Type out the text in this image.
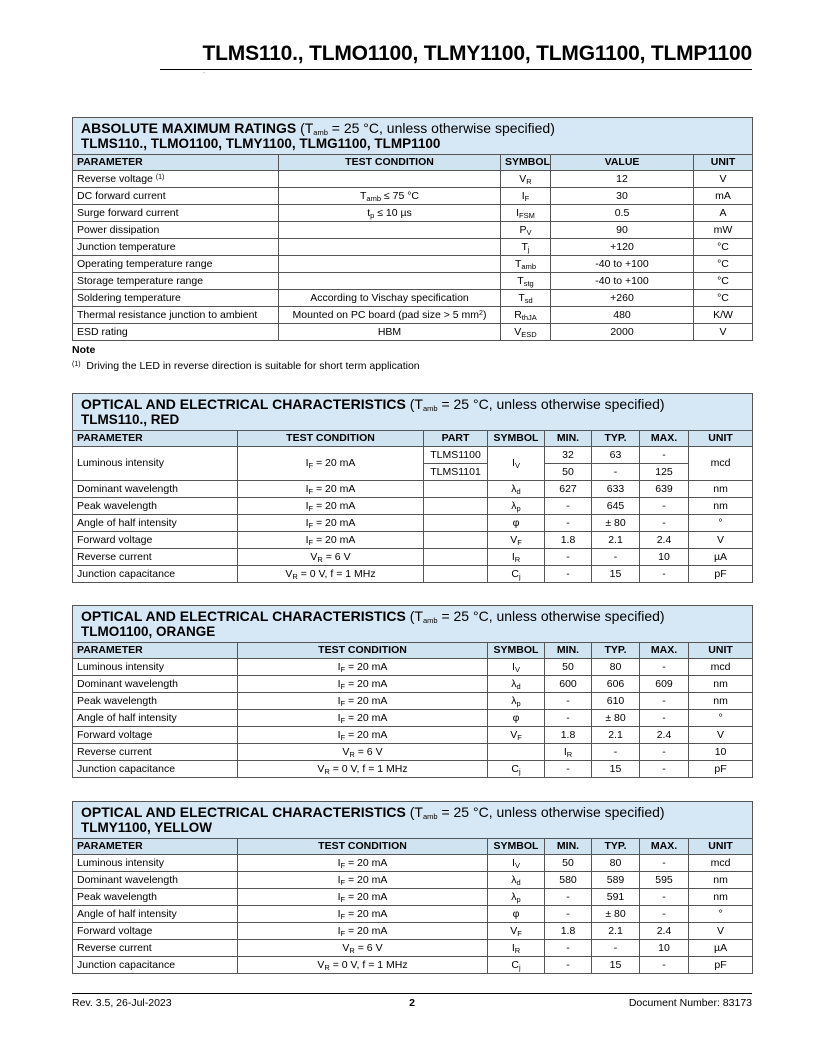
TLMS110., TLMO1100, TLMY1100, TLMG1100, TLMP1100
′′
ABSOLUTE MAXIMUM RATINGS ($T_{amb} = 25$ °C, unless otherwise specified)
TLMS110., TLMO1100, TLMY1100, TLMG1100, TLMP1100				

PARAMETER	TEST CONDITION	SYMBOL	VALUE	UNIT
Reverse voltage $^{(1)}$		$V_R$	12	V
DC forward current	$T_{amb} \le 75$ °C	$I_F$	30	mA
Surge forward current	$t_p \le 10$ µs	$I_{FSM}$	0.5	A
Power dissipation		$P_V$	90	mW
Junction temperature		$T_j$	+120	°C
Operating temperature range		$T_{amb}$	-40 to +100	°C
Storage temperature range		$T_{stg}$	-40 to +100	°C
Soldering temperature	According to Vischay specification	$T_{sd}$	+260	°C
Thermal resistance junction to ambient	Mounted on PC board (pad size > 5 $mm^2$)	$R_{thJA}$	480	K/W
ESD rating	HBM	$V_{ESD}$	2000	V
Note
$^{(1)}$  Driving the LED in reverse direction is suitable for short term application
OPTICAL AND ELECTRICAL CHARACTERISTICS ($T_{amb} = 25$ °C, unless otherwise specified)
TLMS110., RED							

PARAMETER	TEST CONDITION	PART	SYMBOL	MIN.	TYP.	MAX.	UNIT
Luminous intensity	$I_F = 20$ mA	TLMS1100	$I_V$	32	63	-	mcd
		TLMS1101		50	-	125	
Dominant wavelength	$I_F = 20$ mA		$\lambda_d$	627	633	639	nm
Peak wavelength	$I_F = 20$ mA		$\lambda_p$	-	645	-	nm
Angle of half intensity	$I_F = 20$ mA		φ	-	± 80	-	°
Forward voltage	$I_F = 20$ mA		$V_F$	1.8	2.1	2.4	V
Reverse current	$V_R = 6$ V		$I_R$	-	-	10	µA
Junction capacitance	$V_R = 0$ V, f = 1 MHz		$C_j$	-	15	-	pF
OPTICAL AND ELECTRICAL CHARACTERISTICS ($T_{amb} = 25$ °C, unless otherwise specified)
TLMO1100, ORANGE						

PARAMETER	TEST CONDITION	SYMBOL	MIN.	TYP.	MAX.	UNIT
Luminous intensity	$I_F = 20$ mA	$I_V$	50	80	-	mcd
Dominant wavelength	$I_F = 20$ mA	$\lambda_d$	600	606	609	nm
Peak wavelength	$I_F = 20$ mA	$\lambda_p$	-	610	-	nm
Angle of half intensity	$I_F = 20$ mA	φ	-	± 80	-	°
Forward voltage	$I_F = 20$ mA	$V_F$	1.8	2.1	2.4	V
Reverse current	$V_R = 6$ V		$I_R$	-	-	10
Junction capacitance	$V_R = 0$ V, f = 1 MHz	$C_j$	-	15	-	pF
OPTICAL AND ELECTRICAL CHARACTERISTICS ($T_{amb} = 25$ °C, unless otherwise specified)
TLMY1100, YELLOW						

PARAMETER	TEST CONDITION	SYMBOL	MIN.	TYP.	MAX.	UNIT
Luminous intensity	$I_F = 20$ mA	$I_V$	50	80	-	mcd
Dominant wavelength	$I_F = 20$ mA	$\lambda_d$	580	589	595	nm
Peak wavelength	$I_F = 20$ mA	$\lambda_p$	-	591	-	nm
Angle of half intensity	$I_F = 20$ mA	φ	-	± 80	-	°
Forward voltage	$I_F = 20$ mA	$V_F$	1.8	2.1	2.4	V
Reverse current	$V_R = 6$ V	$I_R$	-	-	10	µA
Junction capacitance	$V_R = 0$ V, f = 1 MHz	$C_j$	-	15	-	pF
Rev. 3.5, 26-Jul-2023	2	Document Number: 83173
